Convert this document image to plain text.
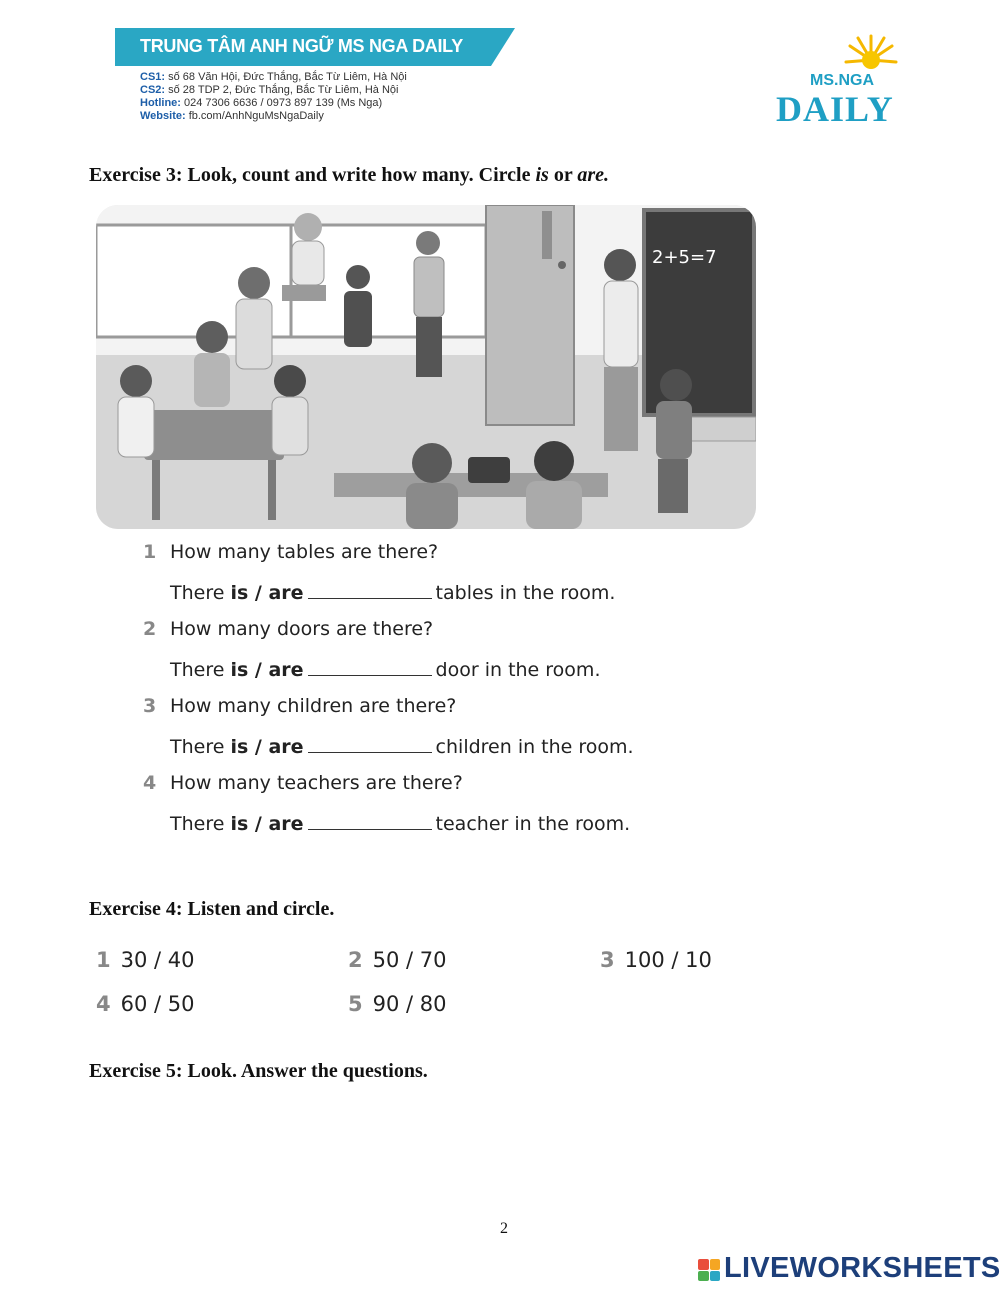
TRUNG TÂM ANH NGỮ MS NGA DAILY
CS1: số 68 Văn Hội, Đức Thắng, Bắc Từ Liêm, Hà Nội
CS2: số 28 TDP 2, Đức Thắng, Bắc Từ Liêm, Hà Nội
Hotline: 024 7306 6636 / 0973 897 139 (Ms Nga)
Website: fb.com/AnhNguMsNgaDaily
MS.NGA
DAILY
Exercise 3: Look, count and write how many. Circle is or are.
2+5=7
1 How many tables are there?
There is / are	tables in the room.
2 How many doors are there?
There is / are	door in the room.
3 How many children are there?
There is / are	children in the room.
4 How many teachers are there?
There is / are	teacher in the room.
Exercise 4: Listen and circle.
1 30 / 40	2 50 / 70	3 100 / 10
4 60 / 50	5 90 / 80
Exercise 5: Look. Answer the questions.
2
LIVEWORKSHEETS
